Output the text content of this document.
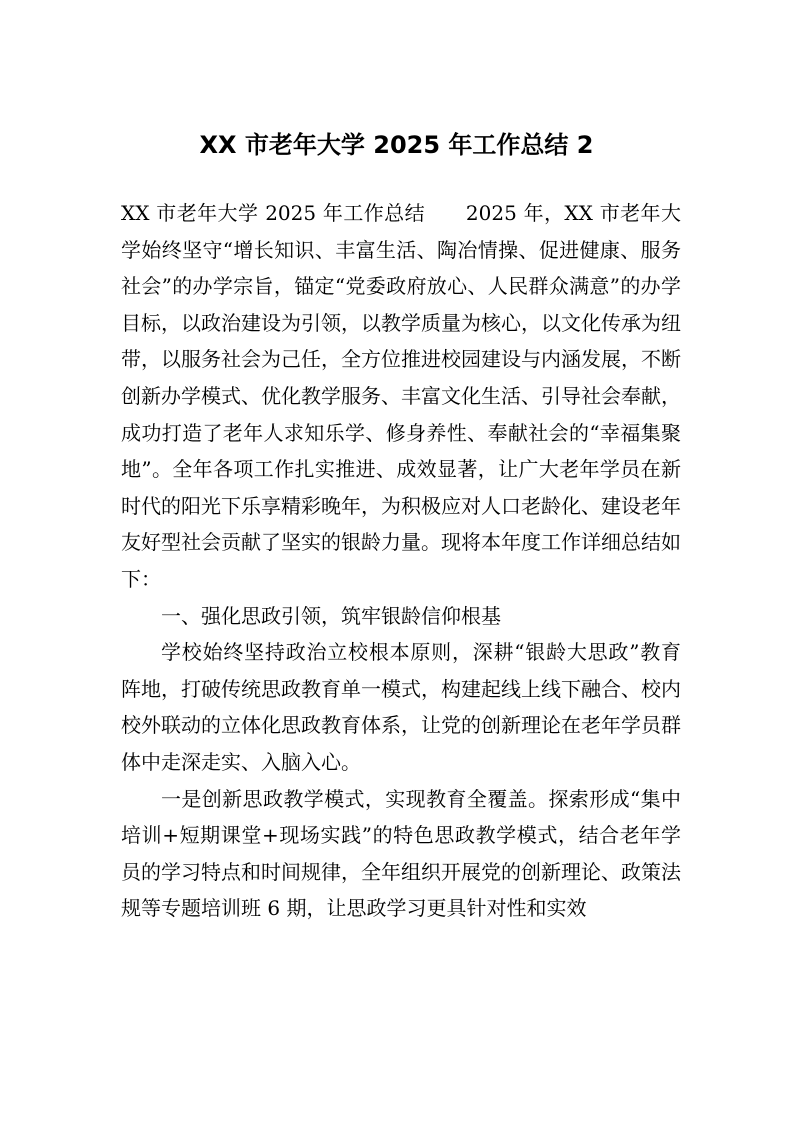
XX 市老年大学 2025 年工作总结 2

XX 市老年大学 2025 年工作总结　　2025 年，XX 市老年大学始终坚守“增长知识、丰富生活、陶冶情操、促进健康、服务社会”的办学宗旨，锚定“党委政府放心、人民群众满意”的办学目标，以政治建设为引领，以教学质量为核心，以文化传承为纽带，以服务社会为己任，全方位推进校园建设与内涵发展，不断创新办学模式、优化教学服务、丰富文化生活、引导社会奉献，成功打造了老年人求知乐学、修身养性、奉献社会的“幸福集聚地”。全年各项工作扎实推进、成效显著，让广大老年学员在新时代的阳光下乐享精彩晚年，为积极应对人口老龄化、建设老年友好型社会贡献了坚实的银龄力量。现将本年度工作详细总结如下：

一、强化思政引领，筑牢银龄信仰根基

学校始终坚持政治立校根本原则，深耕“银龄大思政”教育阵地，打破传统思政教育单一模式，构建起线上线下融合、校内校外联动的立体化思政教育体系，让党的创新理论在老年学员群体中走深走实、入脑入心。

一是创新思政教学模式，实现教育全覆盖。探索形成“集中培训+短期课堂+现场实践”的特色思政教学模式，结合老年学员的学习特点和时间规律，全年组织开展党的创新理论、政策法规等专题培训班 6 期，让思政学习更具针对性和实效
